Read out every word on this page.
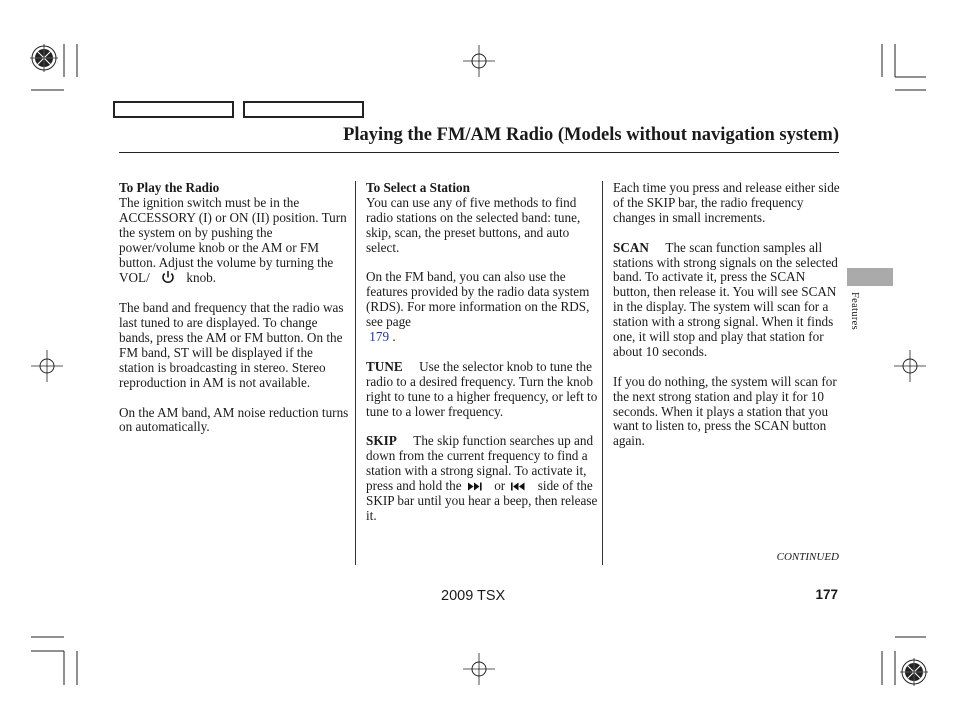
Playing the FM/AM Radio (Models without navigation system)

To Play the Radio

The ignition switch must be in the ACCESSORY (I) or ON (II) position. Turn the system on by pushing the power/volume knob or the AM or FM button. Adjust the volume by turning the VOL/	knob.

The band and frequency that the radio was last tuned to are displayed. To change bands, press the AM or FM button. On the FM band, ST will be displayed if the station is broadcasting in stereo. Stereo reproduction in AM is not available.

On the AM band, AM noise reduction turns on automatically.

To Select a Station

You can use any of five methods to find radio stations on the selected band: tune, skip, scan, the preset buttons, and auto select.

On the FM band, you can also use the features provided by the radio data system (RDS). For more information on the RDS, see page
179 .

TUNE Use the selector knob to tune the radio to a desired frequency. Turn the knob right to tune to a higher frequency, or left to tune to a lower frequency.

SKIP The skip function searches up and down from the current frequency to find a station with a strong signal. To activate it, press and hold the or side of the SKIP bar until you hear a beep, then release it.

Each time you press and release either side of the SKIP bar, the radio frequency changes in small increments.

SCAN The scan function samples all stations with strong signals on the selected band. To activate it, press the SCAN button, then release it. You will see SCAN in the display. The system will scan for a station with a strong signal. When it finds one, it will stop and play that station for about 10 seconds.

If you do nothing, the system will scan for the next strong station and play it for 10 seconds. When it plays a station that you want to listen to, press the SCAN button again.

Features
CONTINUED
2009 TSX	177
